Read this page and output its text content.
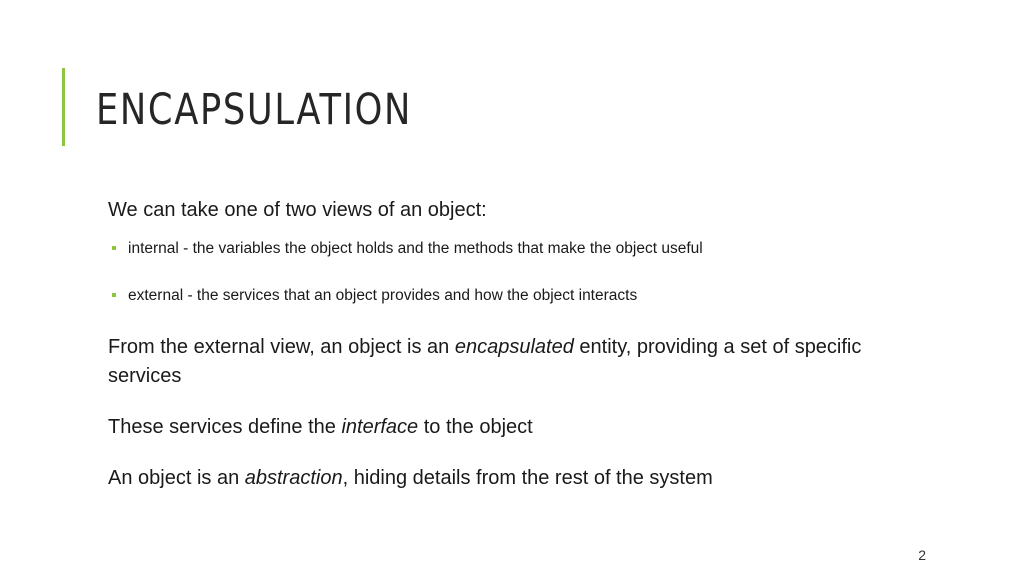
ENCAPSULATION

We can take one of two views of an object:

internal - the variables the object holds and the methods that make the object useful
external - the services that an object provides and how the object interacts

From the external view, an object is an encapsulated entity, providing a set of specific services

These services define the interface to the object

An object is an abstraction, hiding details from the rest of the system

2
